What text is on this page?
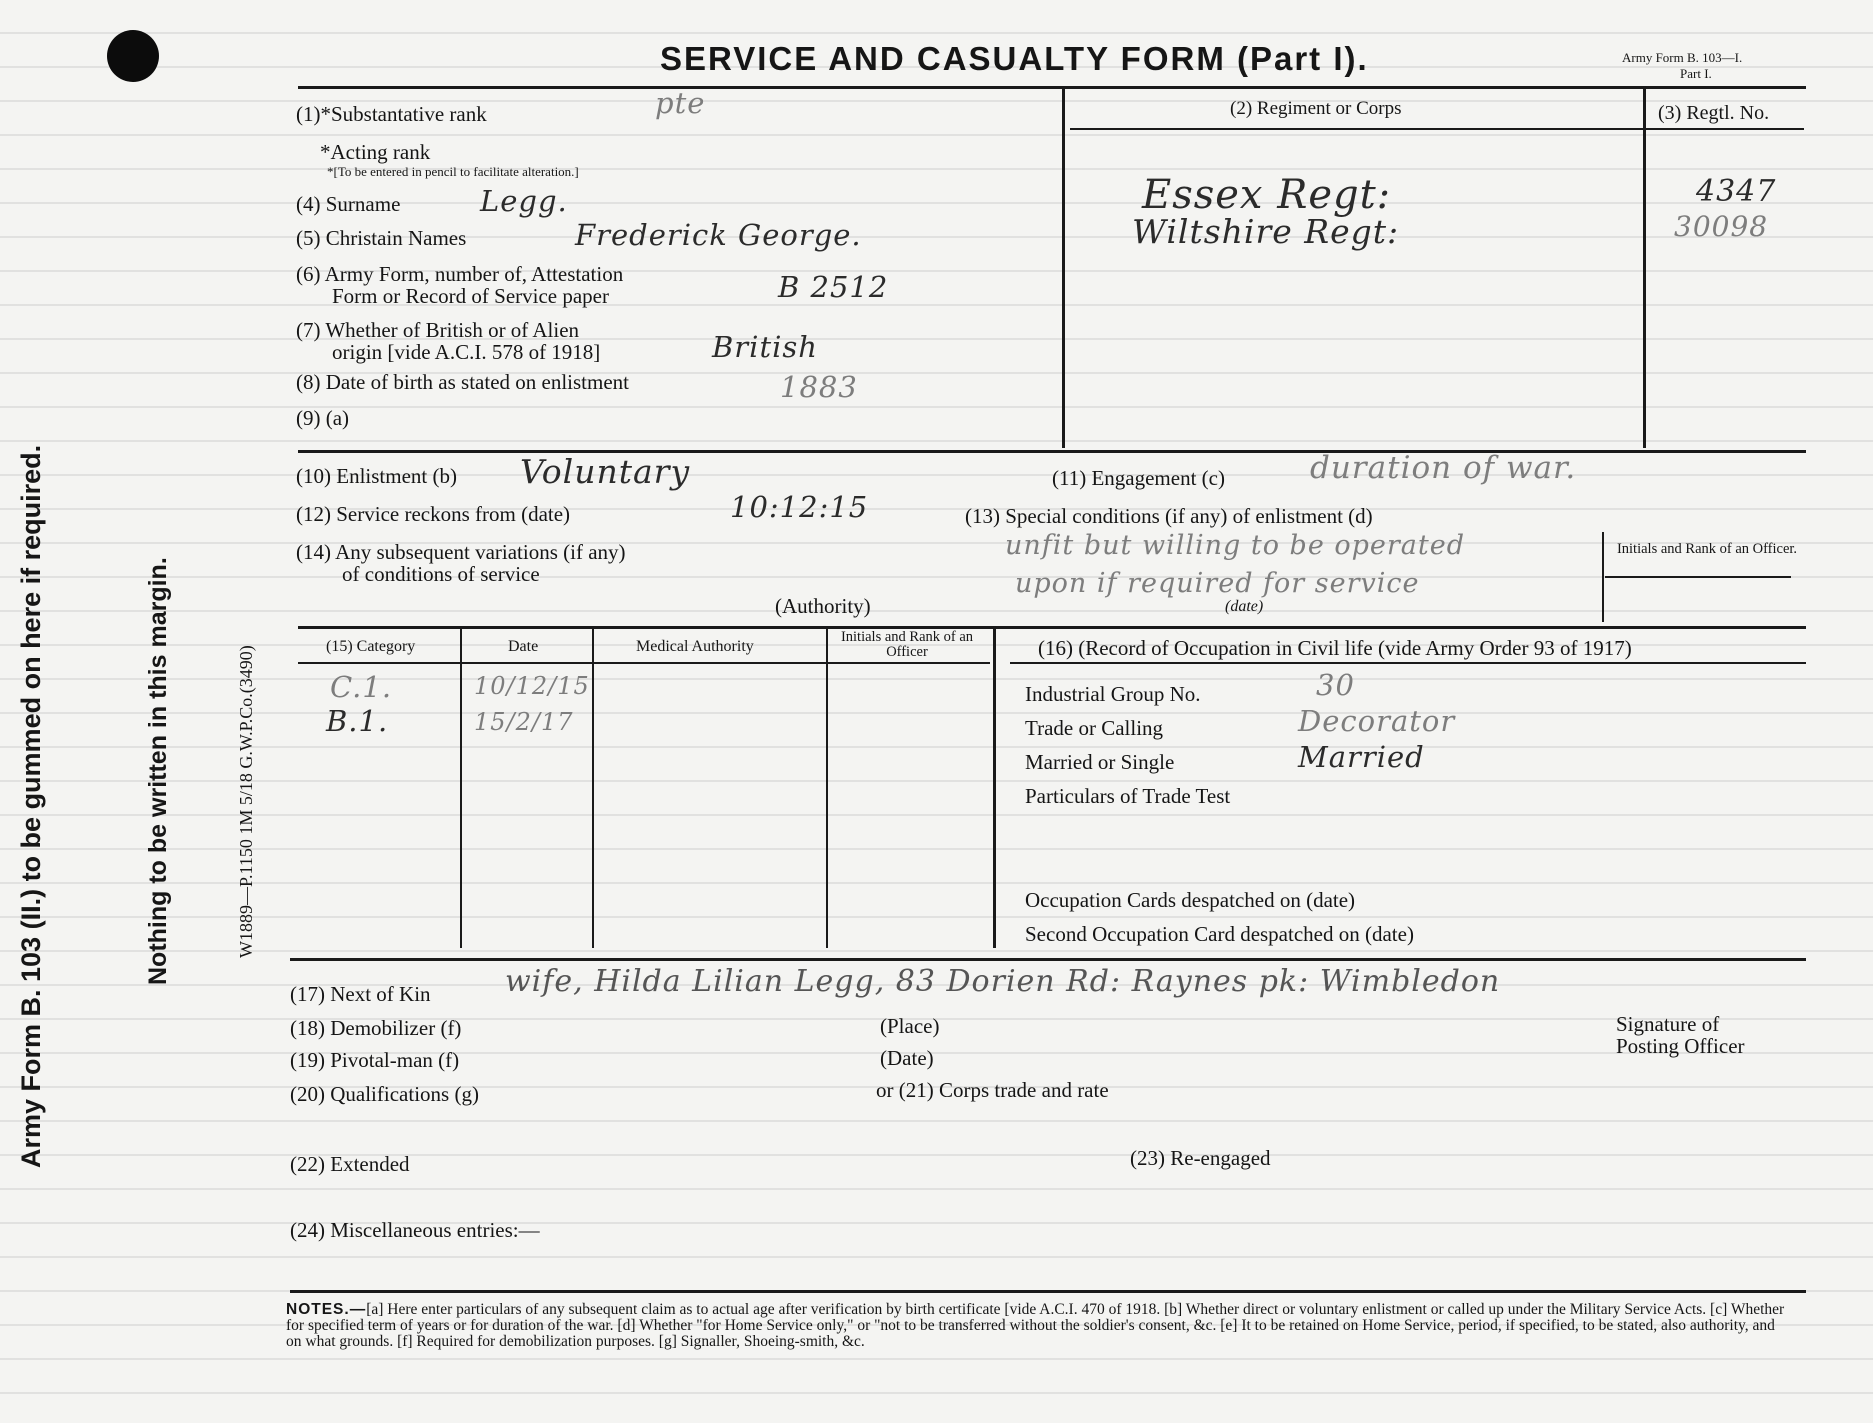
Army Form B. 103 (II.) to be gummed on here if required.	Nothing to be written in this margin.	W1889—P.1150 1M 5/18 G.W.P.Co.(3490)
SERVICE AND CASUALTY FORM (Part I).	Army Form B. 103—I.
Part I.
(1)*Substantative rank	pte
*Acting rank
*[To be entered in pencil to facilitate alteration.]
(4) Surname	Legg.
(5) Christain Names	Frederick George.
(6) Army Form, number of, Attestation
Form or Record of Service paper	B 2512
(7) Whether of British or of Alien
origin [vide A.C.I. 578 of 1918]	British
(8) Date of birth as stated on enlistment	1883
(9) (a)
(2) Regiment or Corps
Essex Regt:
Wiltshire Regt:
(3) Regtl. No.
4347
30098
(10) Enlistment (b) Voluntary	(11) Engagement (c)	duration of war.
(12) Service reckons from (date)	10:12:15	(13) Special conditions (if any) of enlistment (d)
(14) Any subsequent variations (if any)
of conditions of service
unfit but willing to be operated
upon if required for service
(Authority)	(date)
Initials and Rank of an Officer.
(15) Category	Date	Medical Authority
Initials and Rank of an Officer
C.1.	10/12/15
B.1.	15/2/17
(16) (Record of Occupation in Civil life (vide Army Order 93 of 1917)
Industrial Group No.	30
Trade or Calling	Decorator
Married or Single	Married
Particulars of Trade Test
Occupation Cards despatched on (date)
Second Occupation Card despatched on (date)
(17) Next of Kin wife, Hilda Lilian Legg, 83 Dorien Rd: Raynes pk: Wimbledon
(18) Demobilizer (f)	(Place)	Signature of
Posting Officer
(19) Pivotal-man (f)	(Date)
(20) Qualifications (g)	or (21) Corps trade and rate
(22) Extended	(23) Re-engaged
(24) Miscellaneous entries:—
NOTES.—[a] Here enter particulars of any subsequent claim as to actual age after verification by birth certificate [vide A.C.I. 470 of 1918. [b] Whether direct or voluntary enlistment or called up under the Military Service Acts. [c] Whether for specified term of years or for duration of the war. [d] Whether "for Home Service only," or "not to be transferred without the soldier's consent, &c. [e] It to be retained on Home Service, period, if specified, to be stated, also authority, and on what grounds. [f] Required for demobilization purposes. [g] Signaller, Shoeing-smith, &c.
